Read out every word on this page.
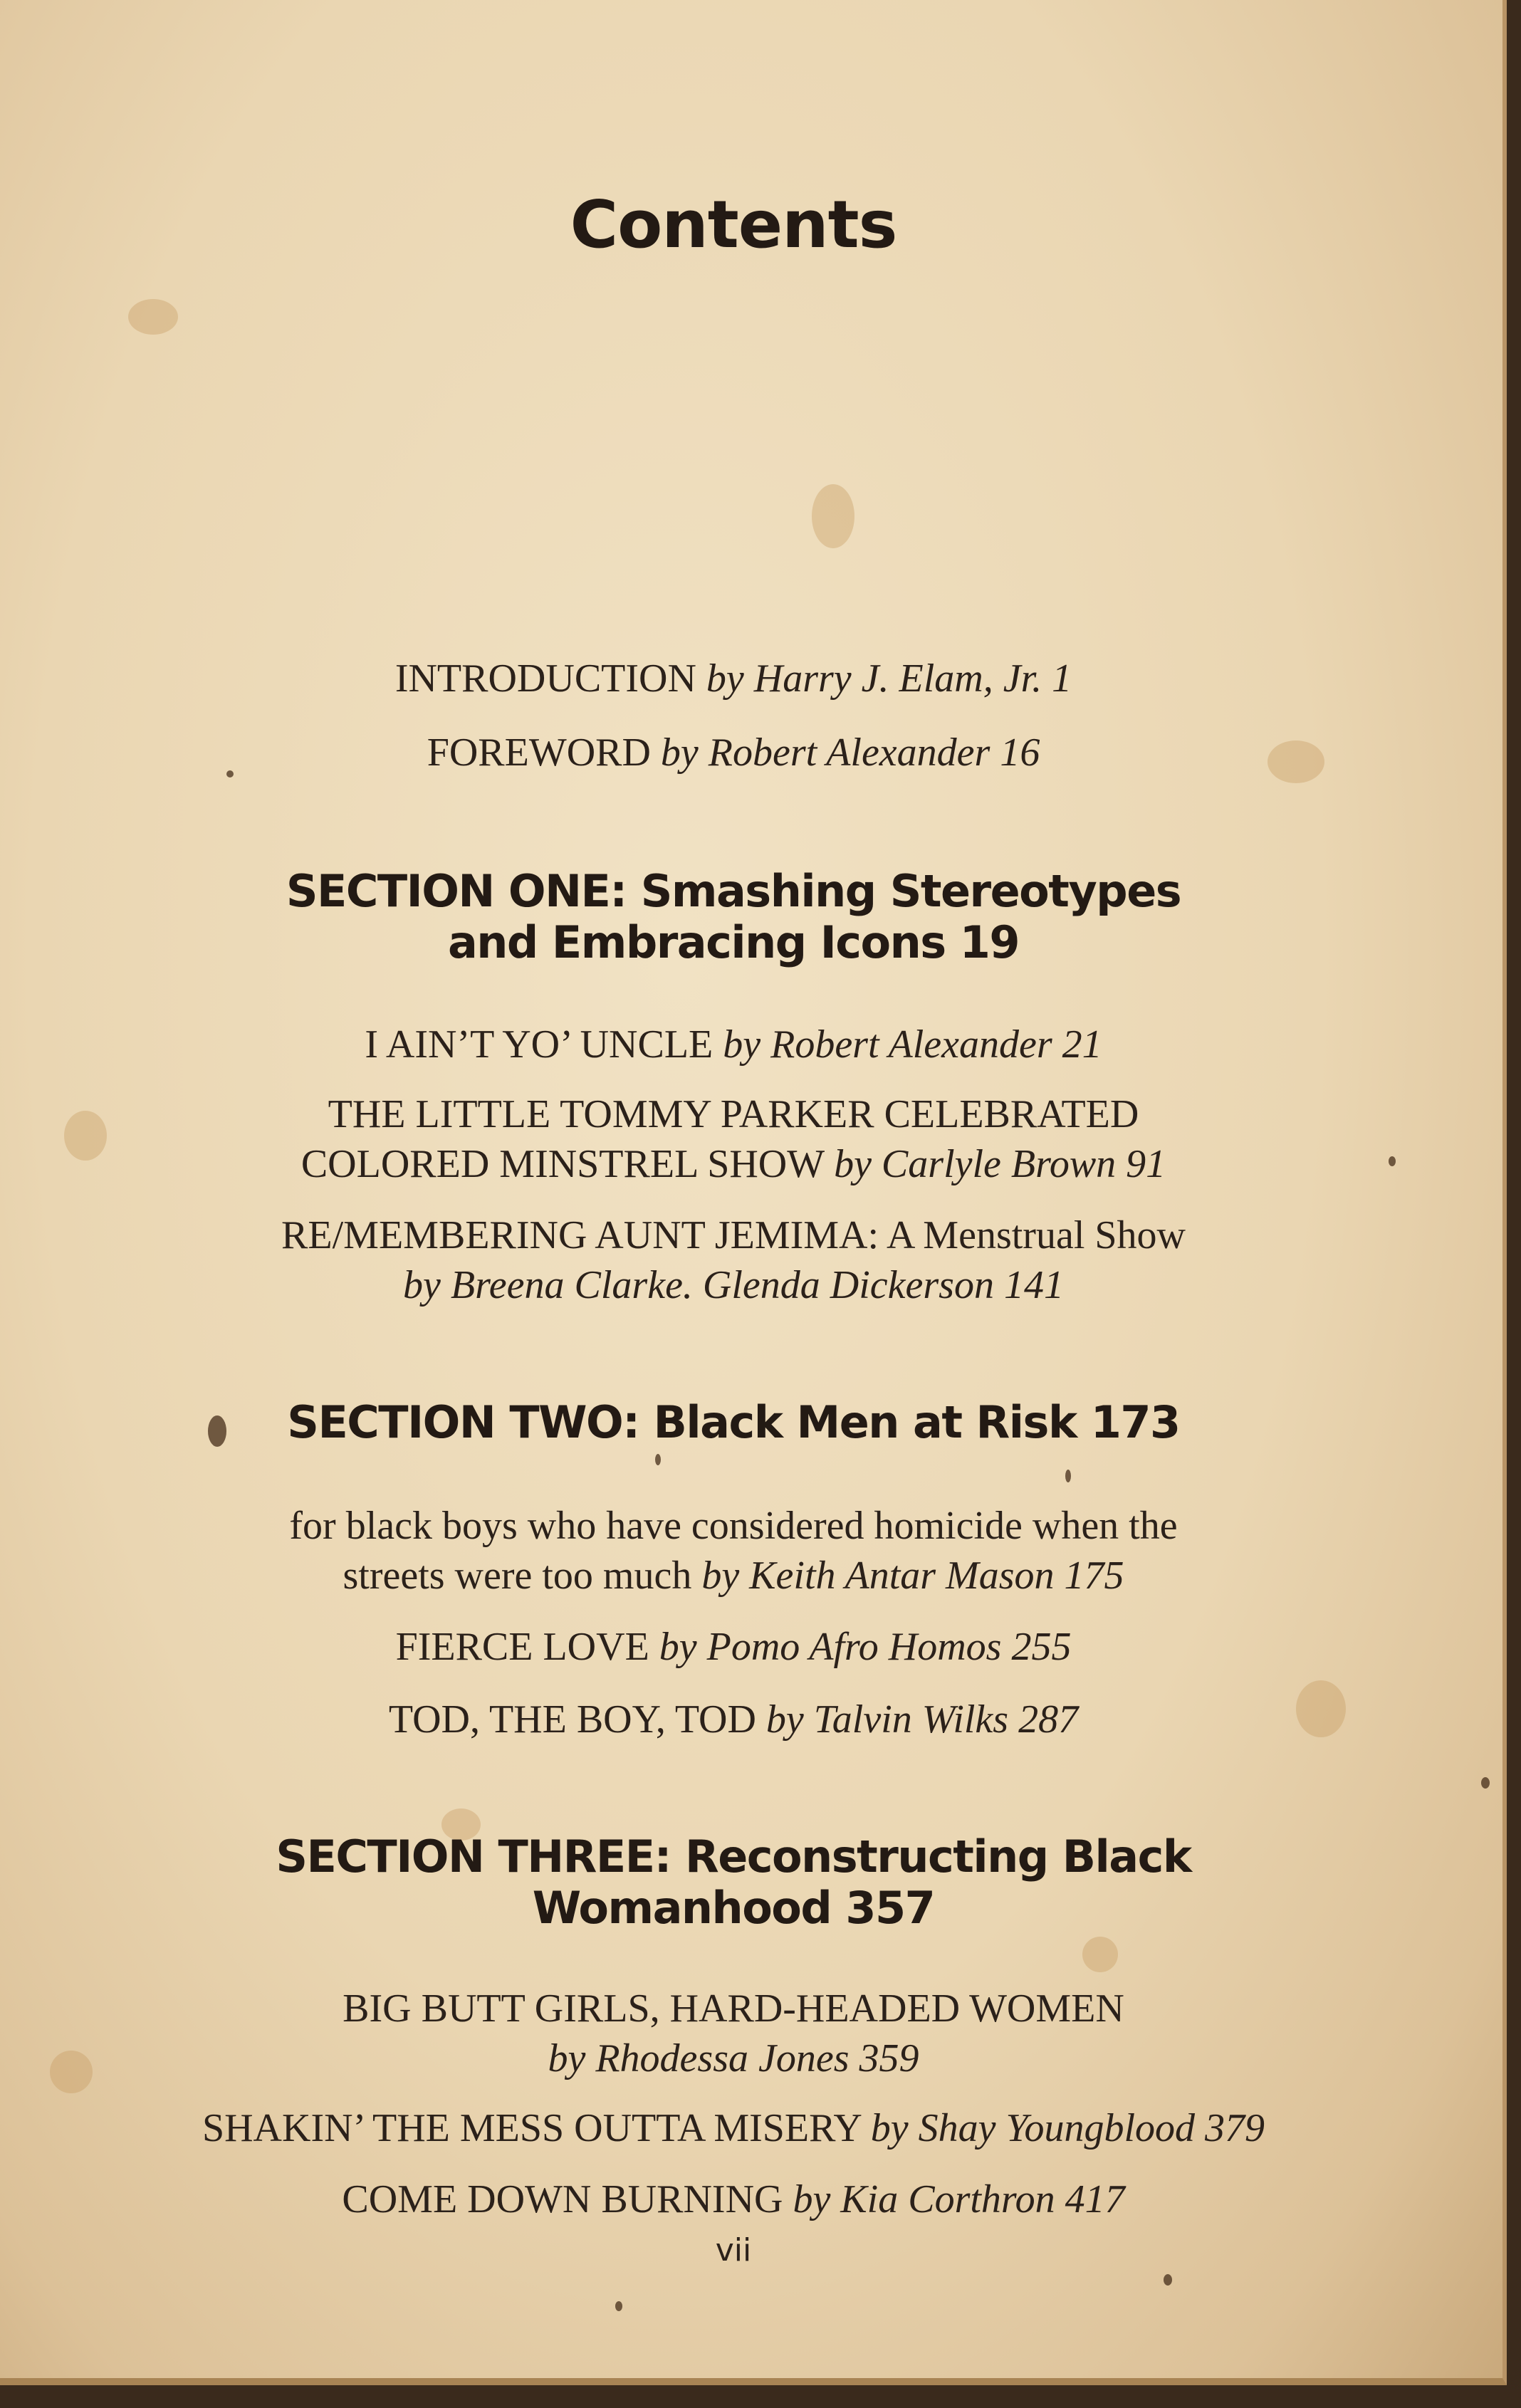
Contents
INTRODUCTION by Harry J. Elam, Jr. 1
FOREWORD by Robert Alexander 16
SECTION ONE: Smashing Stereotypes
and Embracing Icons 19
I AIN’T YO’ UNCLE by Robert Alexander 21
THE LITTLE TOMMY PARKER CELEBRATED
COLORED MINSTREL SHOW by Carlyle Brown 91
RE/MEMBERING AUNT JEMIMA: A Menstrual Show
by Breena Clarke. Glenda Dickerson 141
SECTION TWO: Black Men at Risk 173
for black boys who have considered homicide when the
streets were too much by Keith Antar Mason 175
FIERCE LOVE by Pomo Afro Homos 255
TOD, THE BOY, TOD by Talvin Wilks 287
SECTION THREE: Reconstructing Black
Womanhood 357
BIG BUTT GIRLS, HARD-HEADED WOMEN
by Rhodessa Jones 359
SHAKIN’ THE MESS OUTTA MISERY by Shay Youngblood 379
COME DOWN BURNING by Kia Corthron 417
vii
